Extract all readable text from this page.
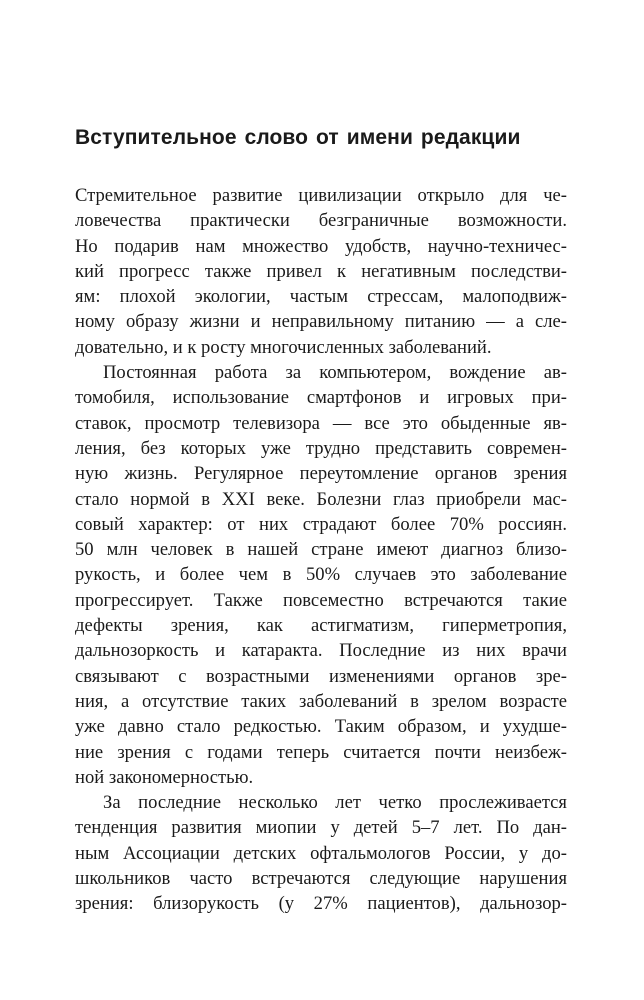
Вступительное слово от имени редакции
Стремительное развитие цивилизации открыло для че-
ловечества практически безграничные возможности.
Но подарив нам множество удобств, научно-техничес-
кий прогресс также привел к негативным последстви-
ям: плохой экологии, частым стрессам, малоподвиж-
ному образу жизни и неправильному питанию — а сле-
довательно, и к росту многочисленных заболеваний.
Постоянная работа за компьютером, вождение ав-
томобиля, использование смартфонов и игровых при-
ставок, просмотр телевизора — все это обыденные яв-
ления, без которых уже трудно представить современ-
ную жизнь. Регулярное переутомление органов зрения
стало нормой в XXI веке. Болезни глаз приобрели мас-
совый характер: от них страдают более 70% россиян.
50 млн человек в нашей стране имеют диагноз близо-
рукость, и более чем в 50% случаев это заболевание
прогрессирует. Также повсеместно встречаются такие
дефекты зрения, как астигматизм, гиперметропия,
дальнозоркость и катаракта. Последние из них врачи
связывают с возрастными изменениями органов зре-
ния, а отсутствие таких заболеваний в зрелом возрасте
уже давно стало редкостью. Таким образом, и ухудше-
ние зрения с годами теперь считается почти неизбеж-
ной закономерностью.
За последние несколько лет четко прослеживается
тенденция развития миопии у детей 5–7 лет. По дан-
ным Ассоциации детских офтальмологов России, у до-
школьников часто встречаются следующие нарушения
зрения: близорукость (у 27% пациентов), дальнозор-
